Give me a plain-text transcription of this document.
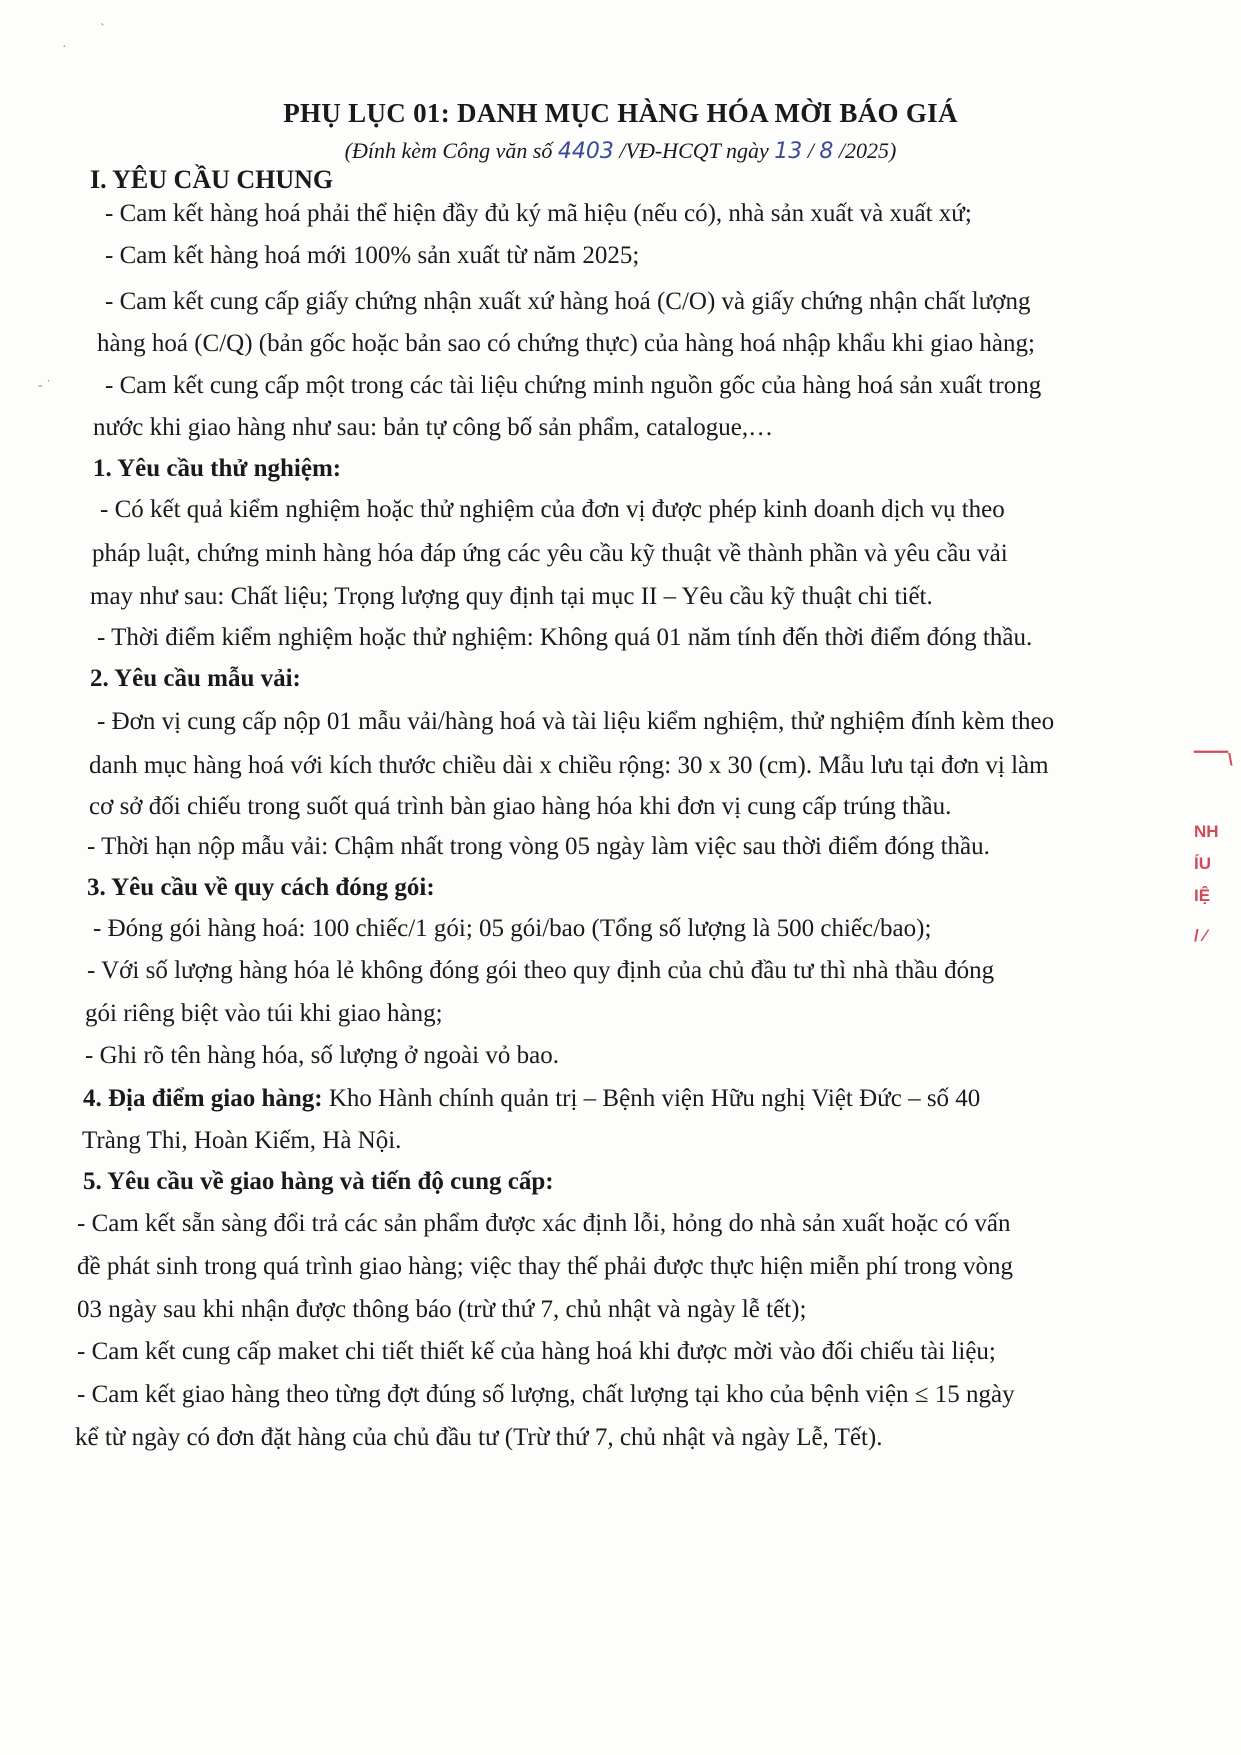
·
ˋ
‐ ˙
PHỤ LỤC 01: DANH MỤC HÀNG HÓA MỜI BÁO GIÁ
(Đính kèm Công văn số 4403 /VĐ-HCQT ngày 13 / 8 /2025)
I. YÊU CẦU CHUNG
- Cam kết hàng hoá phải thể hiện đầy đủ ký mã hiệu (nếu có), nhà sản xuất và xuất xứ;
- Cam kết hàng hoá mới 100% sản xuất từ năm 2025;
- Cam kết cung cấp giấy chứng nhận xuất xứ hàng hoá (C/O) và giấy chứng nhận chất lượng
hàng hoá (C/Q) (bản gốc hoặc bản sao có chứng thực) của hàng hoá nhập khẩu khi giao hàng;
- Cam kết cung cấp một trong các tài liệu chứng minh nguồn gốc của hàng hoá sản xuất trong
nước khi giao hàng như sau: bản tự công bố sản phẩm, catalogue,…
1. Yêu cầu thử nghiệm:
- Có kết quả kiểm nghiệm hoặc thử nghiệm của đơn vị được phép kinh doanh dịch vụ theo
pháp luật, chứng minh hàng hóa đáp ứng các yêu cầu kỹ thuật về thành phần và yêu cầu vải
may như sau: Chất liệu; Trọng lượng quy định tại mục II – Yêu cầu kỹ thuật chi tiết.
- Thời điểm kiểm nghiệm hoặc thử nghiệm: Không quá 01 năm tính đến thời điểm đóng thầu.
2. Yêu cầu mẫu vải:
- Đơn vị cung cấp nộp 01 mẫu vải/hàng hoá và tài liệu kiểm nghiệm, thử nghiệm đính kèm theo
danh mục hàng hoá với kích thước chiều dài x chiều rộng: 30 x 30 (cm). Mẫu lưu tại đơn vị làm
cơ sở đối chiếu trong suốt quá trình bàn giao hàng hóa khi đơn vị cung cấp trúng thầu.
- Thời hạn nộp mẫu vải: Chậm nhất trong vòng 05 ngày làm việc sau thời điểm đóng thầu.
3. Yêu cầu về quy cách đóng gói:
- Đóng gói hàng hoá: 100 chiếc/1 gói; 05 gói/bao (Tổng số lượng là 500 chiếc/bao);
- Với số lượng hàng hóa lẻ không đóng gói theo quy định của chủ đầu tư thì nhà thầu đóng
gói riêng biệt vào túi khi giao hàng;
- Ghi rõ tên hàng hóa, số lượng ở ngoài vỏ bao.
4. Địa điểm giao hàng: Kho Hành chính quản trị – Bệnh viện Hữu nghị Việt Đức – số 40
Tràng Thi, Hoàn Kiếm, Hà Nội.
5. Yêu cầu về giao hàng và tiến độ cung cấp:
- Cam kết sẵn sàng đổi trả các sản phẩm được xác định lỗi, hỏng do nhà sản xuất hoặc có vấn
đề phát sinh trong quá trình giao hàng; việc thay thế phải được thực hiện miễn phí trong vòng
03 ngày sau khi nhận được thông báo (trừ thứ 7, chủ nhật và ngày lễ tết);
- Cam kết cung cấp maket chi tiết thiết kế của hàng hoá khi được mời vào đối chiếu tài liệu;
- Cam kết giao hàng theo từng đợt đúng số lượng, chất lượng tại kho của bệnh viện ≤ 15 ngày
kể từ ngày có đơn đặt hàng của chủ đầu tư (Trừ thứ 7, chủ nhật và ngày Lễ, Tết).
⎺⎺\
NH
ÍU
IỆ
/ ⁄
